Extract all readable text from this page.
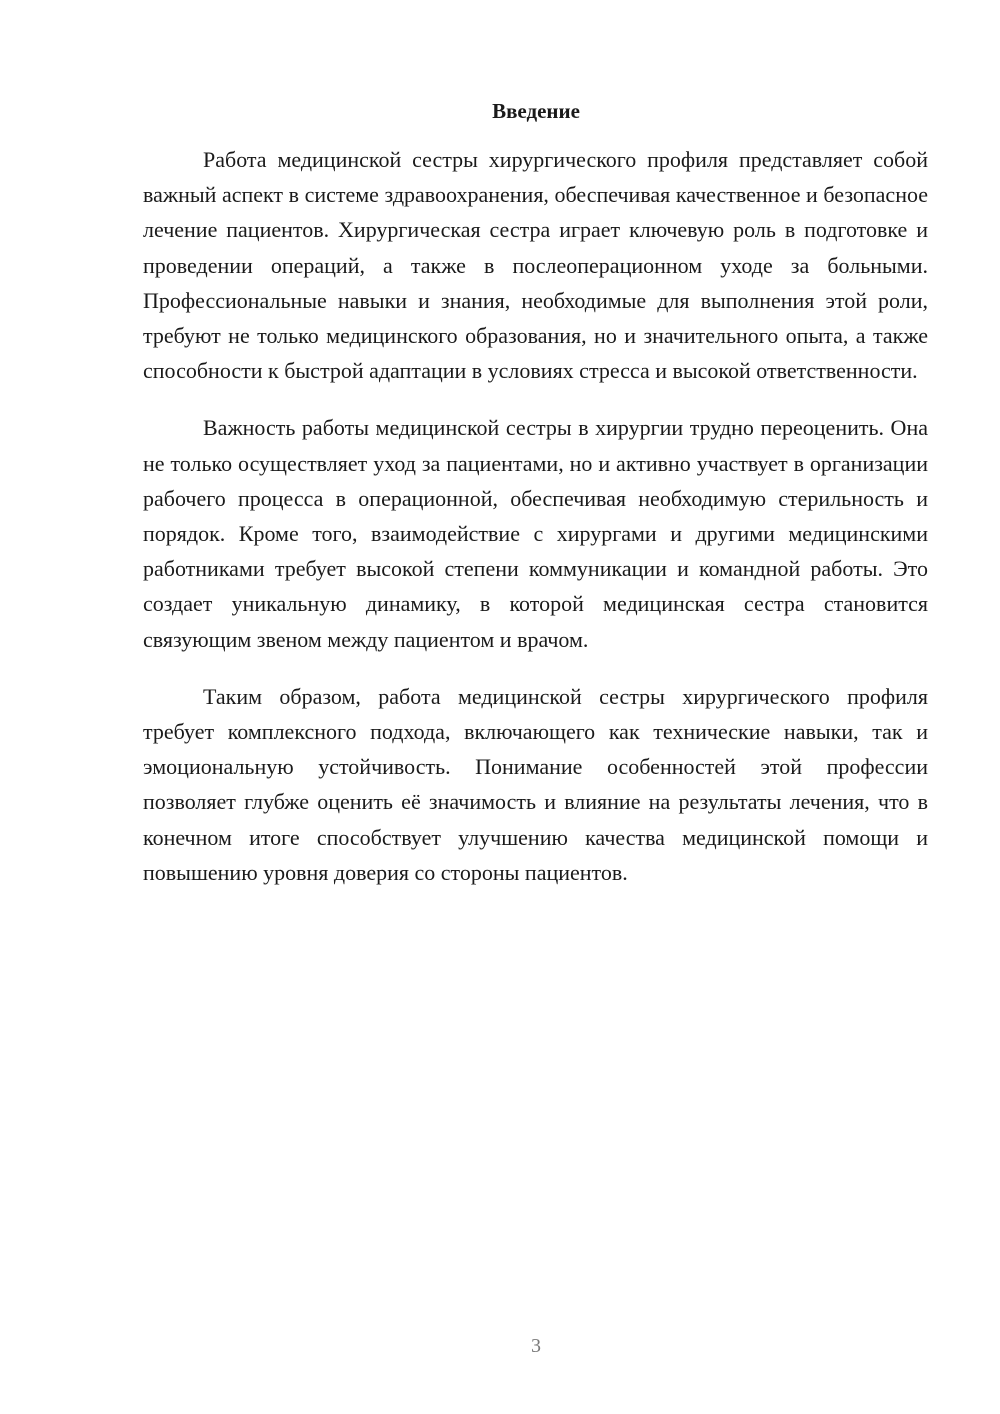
Введение

Работа медицинской сестры хирургического профиля представляет собой важный аспект в системе здравоохранения, обеспечивая качественное и безопасное лечение пациентов. Хирургическая сестра играет ключевую роль в подготовке и проведении операций, а также в послеоперационном уходе за больными. Профессиональные навыки и знания, необходимые для выполнения этой роли, требуют не только медицинского образования, но и значительного опыта, а также способности к быстрой адаптации в условиях стресса и высокой ответственности.

Важность работы медицинской сестры в хирургии трудно переоценить. Она не только осуществляет уход за пациентами, но и активно участвует в организации рабочего процесса в операционной, обеспечивая необходимую стерильность и порядок. Кроме того, взаимодействие с хирургами и другими медицинскими работниками требует высокой степени коммуникации и командной работы. Это создает уникальную динамику, в которой медицинская сестра становится связующим звеном между пациентом и врачом.

Таким образом, работа медицинской сестры хирургического профиля требует комплексного подхода, включающего как технические навыки, так и эмоциональную устойчивость. Понимание особенностей этой профессии позволяет глубже оценить её значимость и влияние на результаты лечения, что в конечном итоге способствует улучшению качества медицинской помощи и повышению уровня доверия со стороны пациентов.

3
